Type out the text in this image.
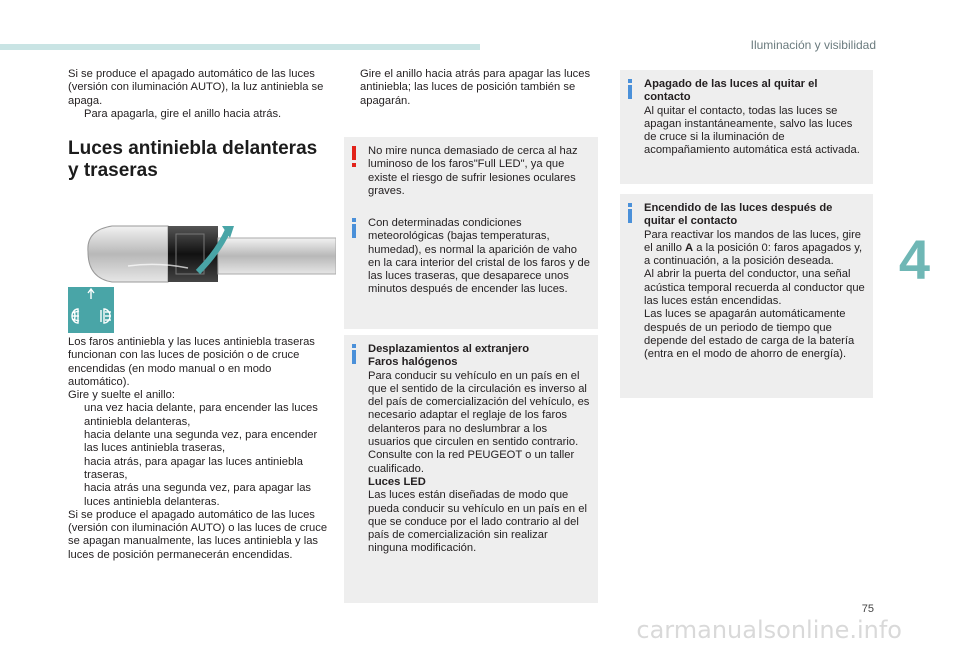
Iluminación y visibilidad

Si se produce el apagado automático de las luces (versión con iluminación AUTO), la luz antiniebla se apaga.

Para apagarla, gire el anillo hacia atrás.

Luces antiniebla delanteras
y traseras

Los faros antiniebla y las luces antiniebla traseras funcionan con las luces de posición o de cruce encendidas (en modo manual o en modo automático).

Gire y suelte el anillo:

una vez hacia delante, para encender las luces antiniebla delanteras,

hacia delante una segunda vez, para encender las luces antiniebla traseras,

hacia atrás, para apagar las luces antiniebla traseras,

hacia atrás una segunda vez, para apagar las luces antiniebla delanteras.

Si se produce el apagado automático de las luces (versión con iluminación AUTO) o las luces de cruce se apagan manualmente, las luces antiniebla y las luces de posición permanecerán encendidas.

Gire el anillo hacia atrás para apagar las luces antiniebla; las luces de posición también se apagarán.

No mire nunca demasiado de cerca al haz luminoso de los faros"Full LED", ya que existe el riesgo de sufrir lesiones oculares graves.

Con determinadas condiciones meteorológicas (bajas temperaturas, humedad), es normal la aparición de vaho en la cara interior del cristal de los faros y de las luces traseras, que desaparece unos minutos después de encender las luces.

Desplazamientos al extranjero

Faros halógenos

Para conducir su vehículo en un país en el que el sentido de la circulación es inverso al del país de comercialización del vehículo, es necesario adaptar el reglaje de los faros delanteros para no deslumbrar a los usuarios que circulen en sentido contrario.

Consulte con la red PEUGEOT o un taller cualificado.

Luces LED

Las luces están diseñadas de modo que pueda conducir su vehículo en un país en el que se conduce por el lado contrario al del país de comercialización sin realizar ninguna modificación.

Apagado de las luces al quitar el contacto

Al quitar el contacto, todas las luces se apagan instantáneamente, salvo las luces de cruce si la iluminación de acompañamiento automática está activada.

Encendido de las luces después de quitar el contacto

Para reactivar los mandos de las luces, gire el anillo A a la posición 0: faros apagados y, a continuación, a la posición deseada.

Al abrir la puerta del conductor, una señal acústica temporal recuerda al conductor que las luces están encendidas.

Las luces se apagarán automáticamente después de un periodo de tiempo que depende del estado de carga de la batería (entra en el modo de ahorro de energía).

4
75
carmanualsonline.info
